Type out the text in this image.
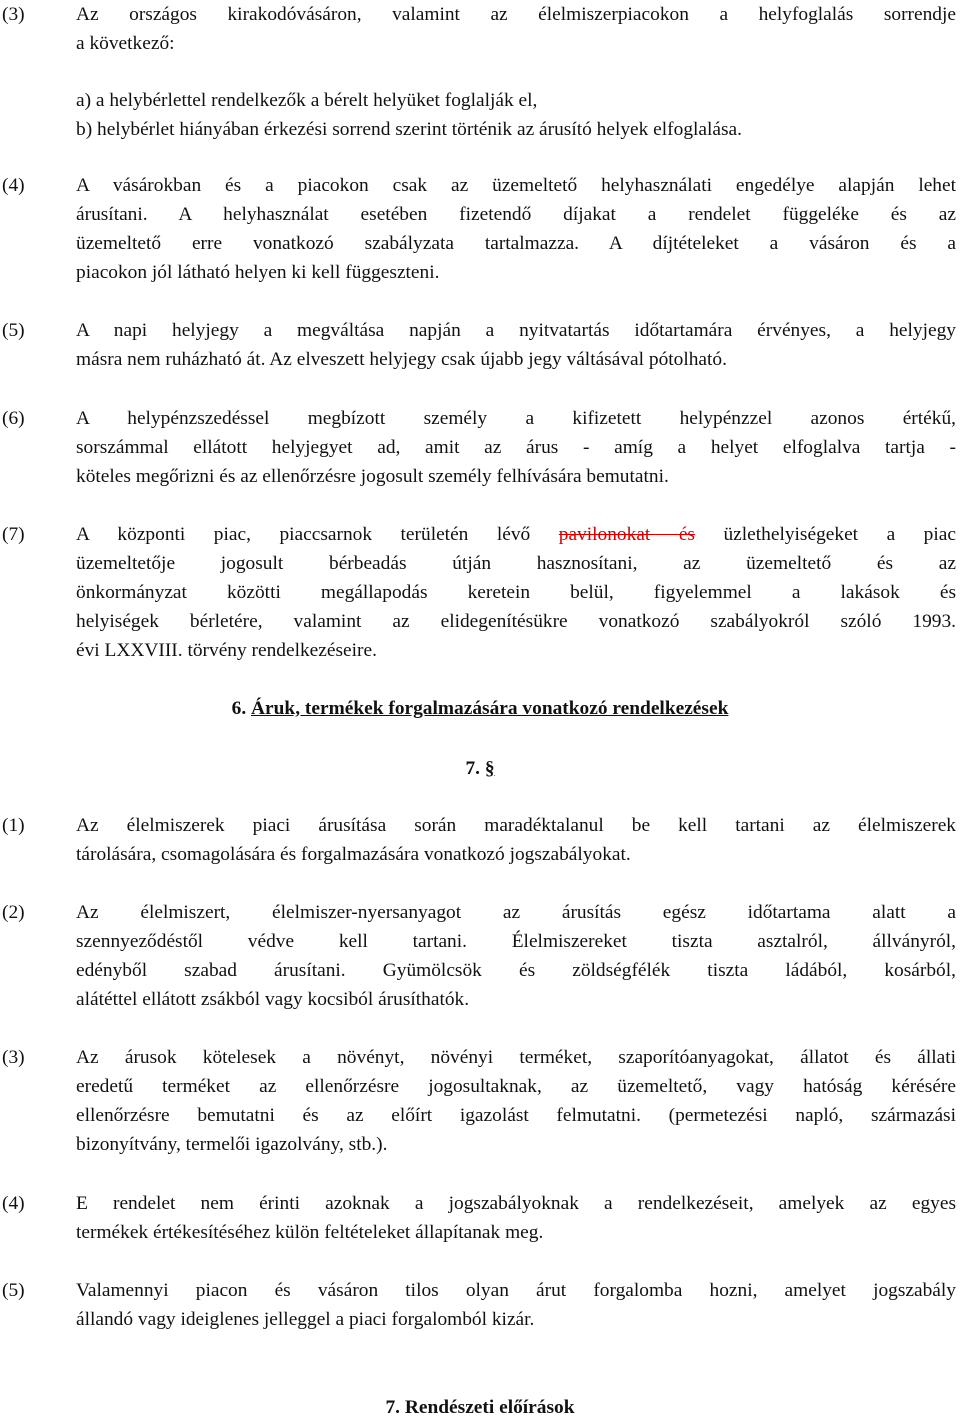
(3)	Az országos kirakodóvásáron, valamint az élelmiszerpiacokon a helyfoglalás sorrendje
a következő:
a) a helybérlettel rendelkezők a bérelt helyüket foglalják el,
b) helybérlet hiányában érkezési sorrend szerint történik az árusító helyek elfoglalása.
(4)	A vásárokban és a piacokon csak az üzemeltető helyhasználati engedélye alapján lehet
árusítani. A helyhasználat esetében fizetendő díjakat a rendelet függeléke és az
üzemeltető erre vonatkozó szabályzata tartalmazza. A díjtételeket a vásáron és a
piacokon jól látható helyen ki kell függeszteni.
(5)	A napi helyjegy a megváltása napján a nyitvatartás időtartamára érvényes, a helyjegy
másra nem ruházható át. Az elveszett helyjegy csak újabb jegy váltásával pótolható.
(6)	A helypénzszedéssel megbízott személy a kifizetett helypénzzel azonos értékű,
sorszámmal ellátott helyjegyet ad, amit az árus - amíg a helyet elfoglalva tartja -
köteles megőrizni és az ellenőrzésre jogosult személy felhívására bemutatni.
(7)	A központi piac, piaccsarnok területén lévő pavilonokat és üzlethelyiségeket a piac
üzemeltetője jogosult bérbeadás útján hasznosítani, az üzemeltető és az
önkormányzat közötti megállapodás keretein belül, figyelemmel a lakások és
helyiségek bérletére, valamint az elidegenítésükre vonatkozó szabályokról szóló 1993.
évi LXXVIII. törvény rendelkezéseire.
6. Áruk, termékek forgalmazására vonatkozó rendelkezések
7. §
(1)	Az élelmiszerek piaci árusítása során maradéktalanul be kell tartani az élelmiszerek
tárolására, csomagolására és forgalmazására vonatkozó jogszabályokat.
(2)	Az élelmiszert, élelmiszer-nyersanyagot az árusítás egész időtartama alatt a
szennyeződéstől védve kell tartani. Élelmiszereket tiszta asztalról, állványról,
edényből szabad árusítani. Gyümölcsök és zöldségfélék tiszta ládából, kosárból,
alátéttel ellátott zsákból vagy kocsiból árusíthatók.
(3)	Az árusok kötelesek a növényt, növényi terméket, szaporítóanyagokat, állatot és állati
eredetű terméket az ellenőrzésre jogosultaknak, az üzemeltető, vagy hatóság kérésére
ellenőrzésre bemutatni és az előírt igazolást felmutatni. (permetezési napló, származási
bizonyítvány, termelői igazolvány, stb.).
(4)	E rendelet nem érinti azoknak a jogszabályoknak a rendelkezéseit, amelyek az egyes
termékek értékesítéséhez külön feltételeket állapítanak meg.
(5)	Valamennyi piacon és vásáron tilos olyan árut forgalomba hozni, amelyet jogszabály
állandó vagy ideiglenes jelleggel a piaci forgalomból kizár.
7. Rendészeti előírások
